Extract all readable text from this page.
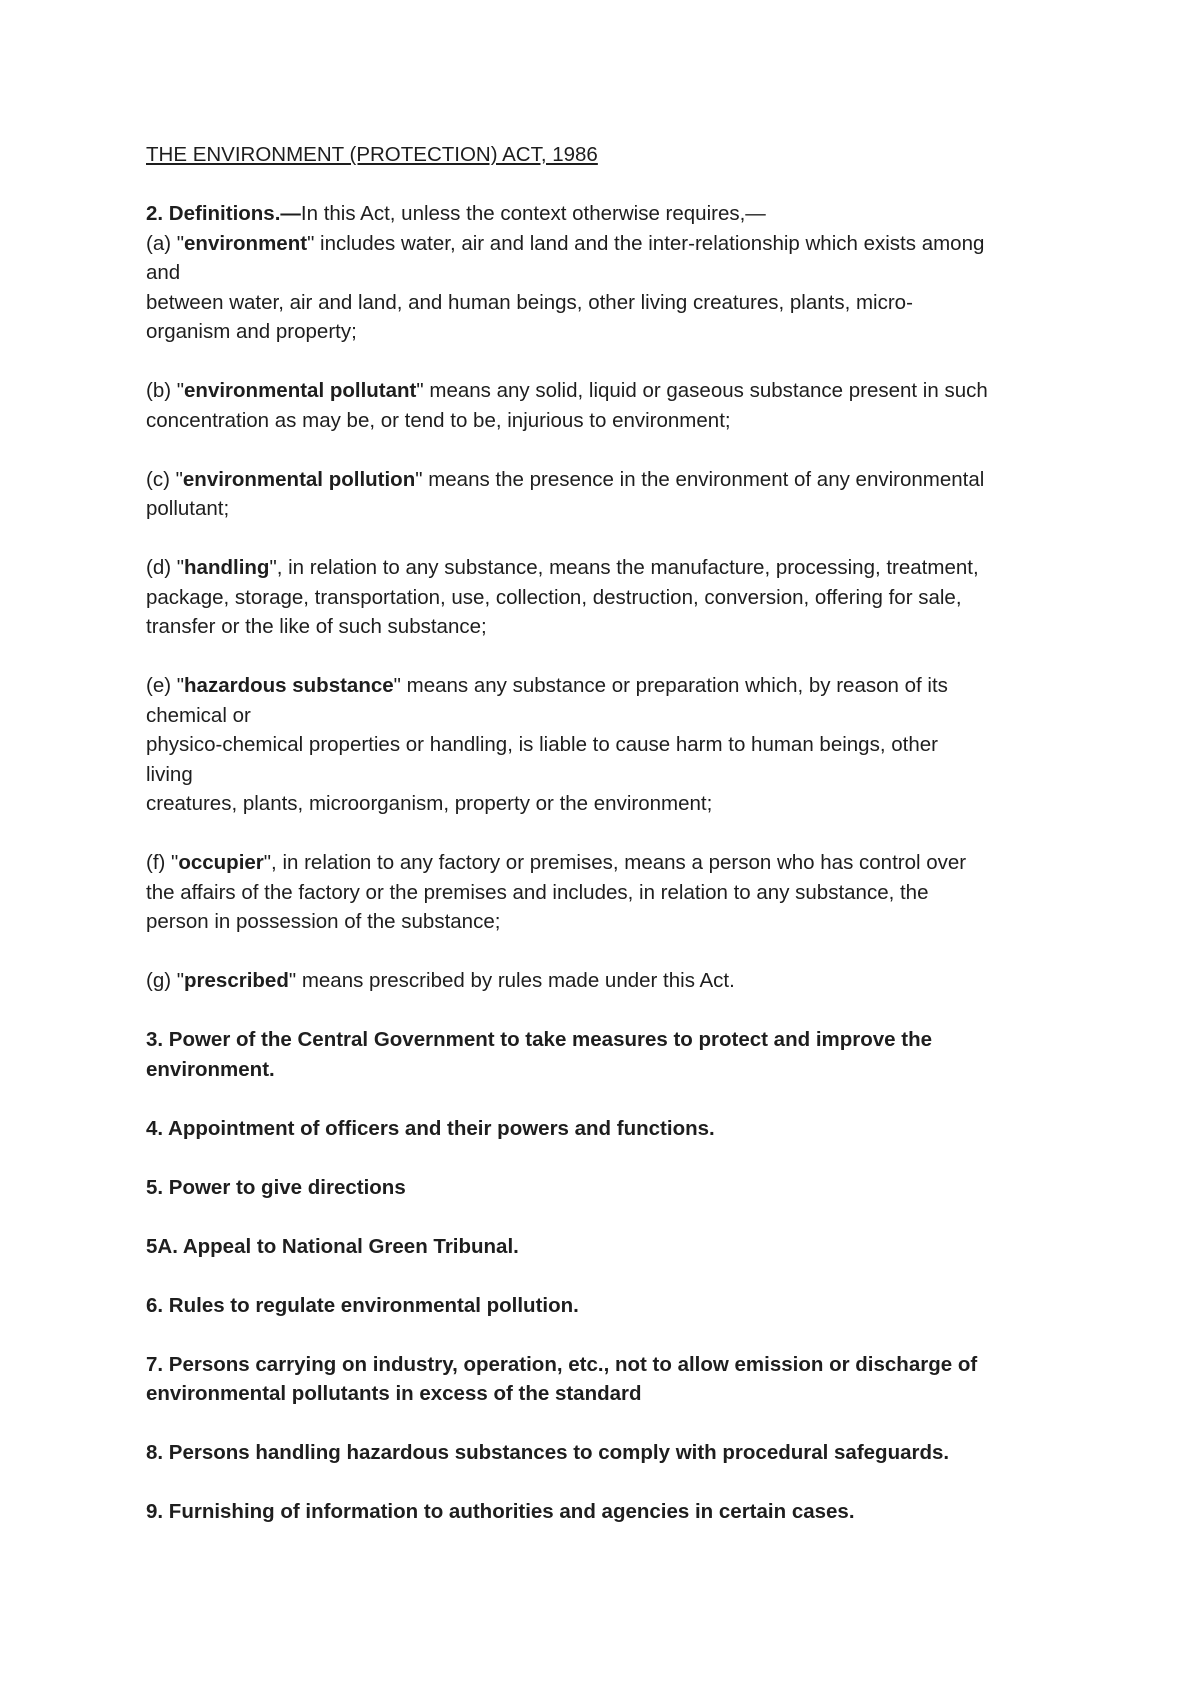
THE ENVIRONMENT (PROTECTION) ACT, 1986
2. Definitions.—In this Act, unless the context otherwise requires,—
(a) "environment" includes water, air and land and the inter-relationship which exists among
and
between water, air and land, and human beings, other living creatures, plants, micro-
organism and property;
(b) "environmental pollutant" means any solid, liquid or gaseous substance present in such
concentration as may be, or tend to be, injurious to environment;
(c) "environmental pollution" means the presence in the environment of any environmental
pollutant;
(d) "handling", in relation to any substance, means the manufacture, processing, treatment,
package, storage, transportation, use, collection, destruction, conversion, offering for sale,
transfer or the like of such substance;
(e) "hazardous substance" means any substance or preparation which, by reason of its
chemical or
physico-chemical properties or handling, is liable to cause harm to human beings, other
living
creatures, plants, microorganism, property or the environment;
(f) "occupier", in relation to any factory or premises, means a person who has control over
the affairs of the factory or the premises and includes, in relation to any substance, the
person in possession of the substance;
(g) "prescribed" means prescribed by rules made under this Act.
3. Power of the Central Government to take measures to protect and improve the
environment.
4. Appointment of officers and their powers and functions.
5. Power to give directions
5A. Appeal to National Green Tribunal.
6. Rules to regulate environmental pollution.
7. Persons carrying on industry, operation, etc., not to allow emission or discharge of
environmental pollutants in excess of the standard
8. Persons handling hazardous substances to comply with procedural safeguards.
9. Furnishing of information to authorities and agencies in certain cases.
